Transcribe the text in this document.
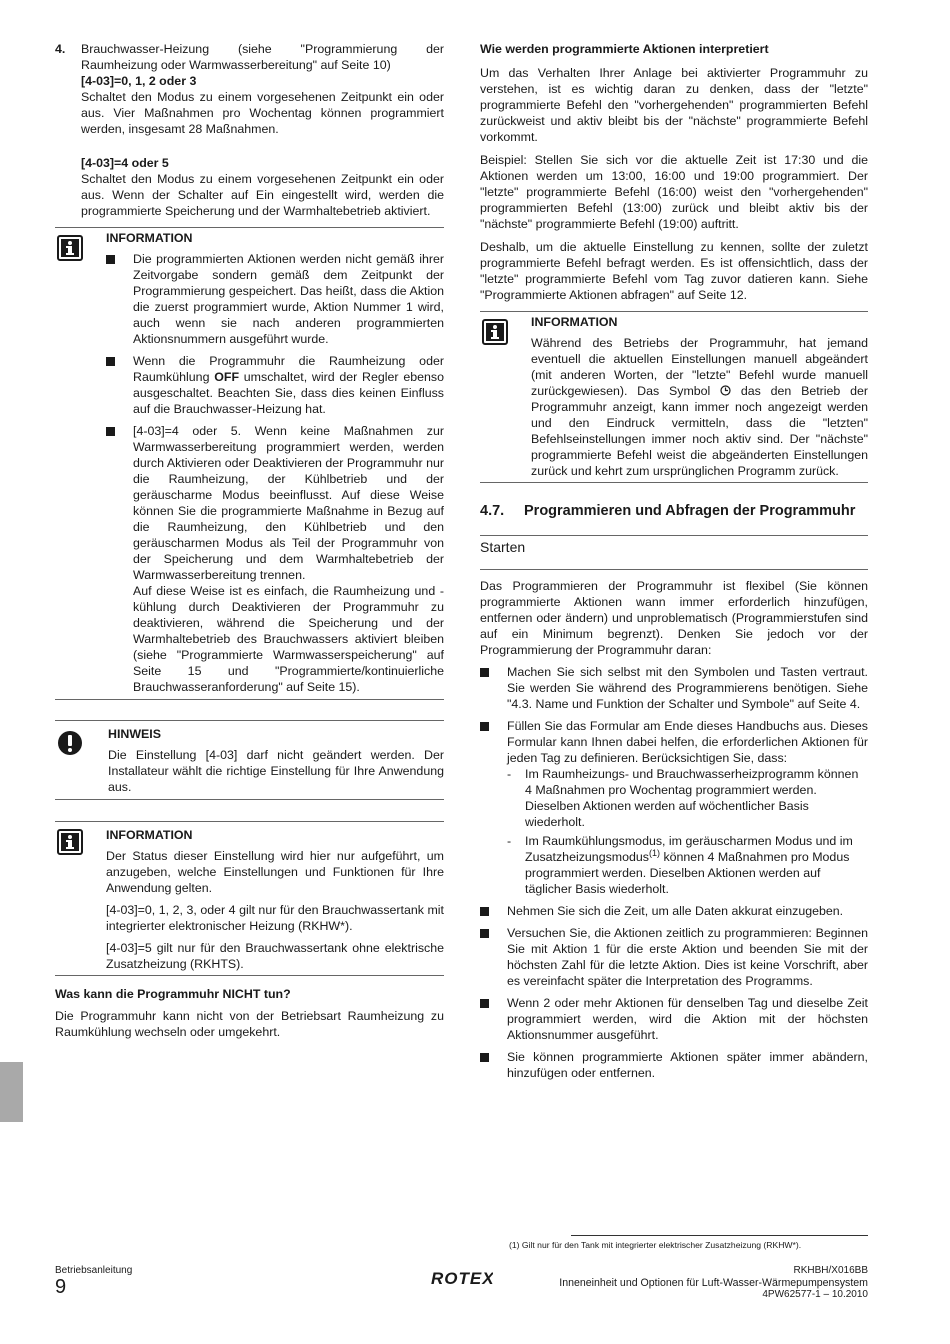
4. Brauchwasser-Heizung (siehe "Programmierung der Raumheizung oder Warmwasserbereitung" auf Seite 10)

[4-03]=0, 1, 2 oder 3

Schaltet den Modus zu einem vorgesehenen Zeitpunkt ein oder aus. Vier Maßnahmen pro Wochentag können programmiert werden, insgesamt 28 Maßnahmen.

[4-03]=4 oder 5

Schaltet den Modus zu einem vorgesehenen Zeitpunkt ein oder aus. Wenn der Schalter auf Ein eingestellt wird, werden die programmierte Speicherung und der Warmhaltebetrieb aktiviert.

INFORMATION

Die programmierten Aktionen werden nicht gemäß ihrer Zeitvorgabe sondern gemäß dem Zeitpunkt der Programmierung gespeichert. Das heißt, dass die Aktion die zuerst programmiert wurde, Aktion Nummer 1 wird, auch wenn sie nach anderen programmierten Aktionsnummern ausgeführt wurde.
Wenn die Programmuhr die Raumheizung oder Raumkühlung OFF umschaltet, wird der Regler ebenso ausgeschaltet. Beachten Sie, dass dies keinen Einfluss auf die Brauchwasser-Heizung hat.
[4-03]=4 oder 5. Wenn keine Maßnahmen zur Warmwasserbereitung programmiert werden, werden durch Aktivieren oder Deaktivieren der Programmuhr nur die Raumheizung, der Kühlbetrieb und der geräuscharme Modus beeinflusst. Auf diese Weise können Sie die programmierte Maßnahme in Bezug auf die Raumheizung, den Kühlbetrieb und den geräuscharmen Modus als Teil der Programmuhr von der Speicherung und dem Warmhaltebetrieb der Warmwasserbereitung trennen.
Auf diese Weise ist es einfach, die Raumheizung und -kühlung durch Deaktivieren der Programmuhr zu deaktivieren, während die Speicherung und der Warmhaltebetrieb des Brauchwassers aktiviert bleiben (siehe "Programmierte Warmwasserspeicherung" auf Seite 15 und "Programmierte/kontinuierliche Brauchwasseranforderung" auf Seite 15).

HINWEIS

Die Einstellung [4-03] darf nicht geändert werden. Der Installateur wählt die richtige Einstellung für Ihre Anwendung aus.

INFORMATION

Der Status dieser Einstellung wird hier nur aufgeführt, um anzugeben, welche Einstellungen und Funktionen für Ihre Anwendung gelten.

[4-03]=0, 1, 2, 3, oder 4 gilt nur für den Brauchwassertank mit integrierter elektronischer Heizung (RKHW*).

[4-03]=5 gilt nur für den Brauchwassertank ohne elektrische Zusatzheizung (RKHTS).

Was kann die Programmuhr NICHT tun?

Die Programmuhr kann nicht von der Betriebsart Raumheizung zu Raumkühlung wechseln oder umgekehrt.

Wie werden programmierte Aktionen interpretiert

Um das Verhalten Ihrer Anlage bei aktivierter Programmuhr zu verstehen, ist es wichtig daran zu denken, dass der "letzte" programmierte Befehl den "vorhergehenden" programmierten Befehl zurückweist und aktiv bleibt bis der "nächste" programmierte Befehl vorkommt.

Beispiel: Stellen Sie sich vor die aktuelle Zeit ist 17:30 und die Aktionen werden um 13:00, 16:00 und 19:00 programmiert. Der "letzte" programmierte Befehl (16:00) weist den "vorhergehenden" programmierten Befehl (13:00) zurück und bleibt aktiv bis der "nächste" programmierte Befehl (19:00) auftritt.

Deshalb, um die aktuelle Einstellung zu kennen, sollte der zuletzt programmierte Befehl befragt werden. Es ist offensichtlich, dass der "letzte" programmierte Befehl vom Tag zuvor datieren kann. Siehe "Programmierte Aktionen abfragen" auf Seite 12.

INFORMATION

Während des Betriebs der Programmuhr, hat jemand eventuell die aktuellen Einstellungen manuell abgeändert (mit anderen Worten, der "letzte" Befehl wurde manuell zurückgewiesen). Das Symbol das den Betrieb der Programmuhr anzeigt, kann immer noch angezeigt werden und den Eindruck vermitteln, dass die "letzten" Befehlseinstellungen immer noch aktiv sind. Der "nächste" programmierte Befehl weist die abgeänderten Einstellungen zurück und kehrt zum ursprünglichen Programm zurück.

4.7. Programmieren und Abfragen der Programmuhr
Starten

Das Programmieren der Programmuhr ist flexibel (Sie können programmierte Aktionen wann immer erforderlich hinzufügen, entfernen oder ändern) und unproblematisch (Programmierstufen sind auf ein Minimum begrenzt). Denken Sie jedoch vor der Programmierung der Programmuhr daran:

Machen Sie sich selbst mit den Symbolen und Tasten vertraut. Sie werden Sie während des Programmierens benötigen. Siehe "4.3. Name und Funktion der Schalter und Symbole" auf Seite 4.
Füllen Sie das Formular am Ende dieses Handbuchs aus. Dieses Formular kann Ihnen dabei helfen, die erforderlichen Aktionen für jeden Tag zu definieren. Berücksichtigen Sie, dass:
- Im Raumheizungs- und Brauchwasserheizprogramm können 4 Maßnahmen pro Wochentag programmiert werden. Dieselben Aktionen werden auf wöchentlicher Basis wiederholt.
- Im Raumkühlungsmodus, im geräuscharmen Modus und im Zusatzheizungsmodus$^{(1)}$ können 4 Maßnahmen pro Modus programmiert werden. Dieselben Aktionen werden auf täglicher Basis wiederholt.
Nehmen Sie sich die Zeit, um alle Daten akkurat einzugeben.
Versuchen Sie, die Aktionen zeitlich zu programmieren: Beginnen Sie mit Aktion 1 für die erste Aktion und beenden Sie mit der höchsten Zahl für die letzte Aktion. Dies ist keine Vorschrift, aber es vereinfacht später die Interpretation des Programms.
Wenn 2 oder mehr Aktionen für denselben Tag und dieselbe Zeit programmiert werden, wird die Aktion mit der höchsten Aktionsnummer ausgeführt.
Sie können programmierte Aktionen später immer abändern, hinzufügen oder entfernen.
(1) Gilt nur für den Tank mit integrierter elektrischer Zusatzheizung (RKHW*).
Betriebsanleitung
9	ROTEX	RKHBH/X016BB
Inneneinheit und Optionen für Luft-Wasser-Wärmepumpensystem
4PW62577-1 – 10.2010
